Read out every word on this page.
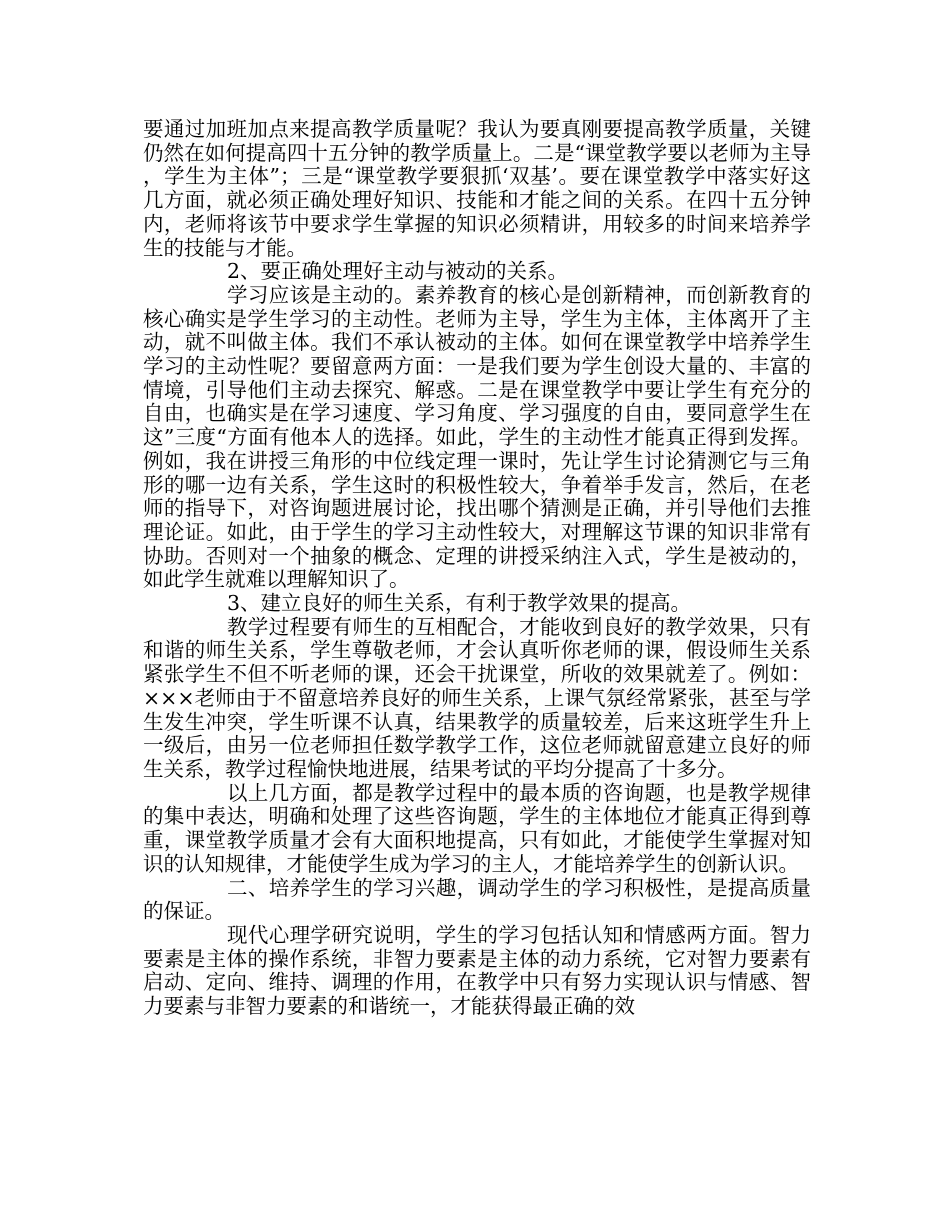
要通过加班加点来提高教学质量呢？我认为要真刚要提高教学质量，关键仍然在如何提高四十五分钟的教学质量上。二是“课堂教学要以老师为主导，学生为主体”；三是“课堂教学要狠抓‘双基’。要在课堂教学中落实好这几方面，就必须正确处理好知识、技能和才能之间的关系。在四十五分钟内，老师将该节中要求学生掌握的知识必须精讲，用较多的时间来培养学生的技能与才能。

2、要正确处理好主动与被动的关系。

学习应该是主动的。素养教育的核心是创新精神，而创新教育的核心确实是学生学习的主动性。老师为主导，学生为主体，主体离开了主动，就不叫做主体。我们不承认被动的主体。如何在课堂教学中培养学生学习的主动性呢？要留意两方面：一是我们要为学生创设大量的、丰富的情境，引导他们主动去探究、解惑。二是在课堂教学中要让学生有充分的自由，也确实是在学习速度、学习角度、学习强度的自由，要同意学生在这”三度“方面有他本人的选择。如此，学生的主动性才能真正得到发挥。例如，我在讲授三角形的中位线定理一课时，先让学生讨论猜测它与三角形的哪一边有关系，学生这时的积极性较大，争着举手发言，然后，在老师的指导下，对咨询题进展讨论，找出哪个猜测是正确，并引导他们去推理论证。如此，由于学生的学习主动性较大，对理解这节课的知识非常有协助。否则对一个抽象的概念、定理的讲授采纳注入式，学生是被动的，如此学生就难以理解知识了。

3、建立良好的师生关系，有利于教学效果的提高。

教学过程要有师生的互相配合，才能收到良好的教学效果，只有和谐的师生关系，学生尊敬老师，才会认真听你老师的课，假设师生关系紧张学生不但不听老师的课，还会干扰课堂，所收的效果就差了。例如：×××老师由于不留意培养良好的师生关系，上课气氛经常紧张，甚至与学生发生冲突，学生听课不认真，结果教学的质量较差，后来这班学生升上一级后，由另一位老师担任数学教学工作，这位老师就留意建立良好的师生关系，教学过程愉快地进展，结果考试的平均分提高了十多分。

以上几方面，都是教学过程中的最本质的咨询题，也是教学规律的集中表达，明确和处理了这些咨询题，学生的主体地位才能真正得到尊重，课堂教学质量才会有大面积地提高，只有如此，才能使学生掌握对知识的认知规律，才能使学生成为学习的主人，才能培养学生的创新认识。

二、培养学生的学习兴趣，调动学生的学习积极性，是提高质量的保证。

现代心理学研究说明，学生的学习包括认知和情感两方面。智力要素是主体的操作系统，非智力要素是主体的动力系统，它对智力要素有启动、定向、维持、调理的作用，在教学中只有努力实现认识与情感、智力要素与非智力要素的和谐统一，才能获得最正确的效
